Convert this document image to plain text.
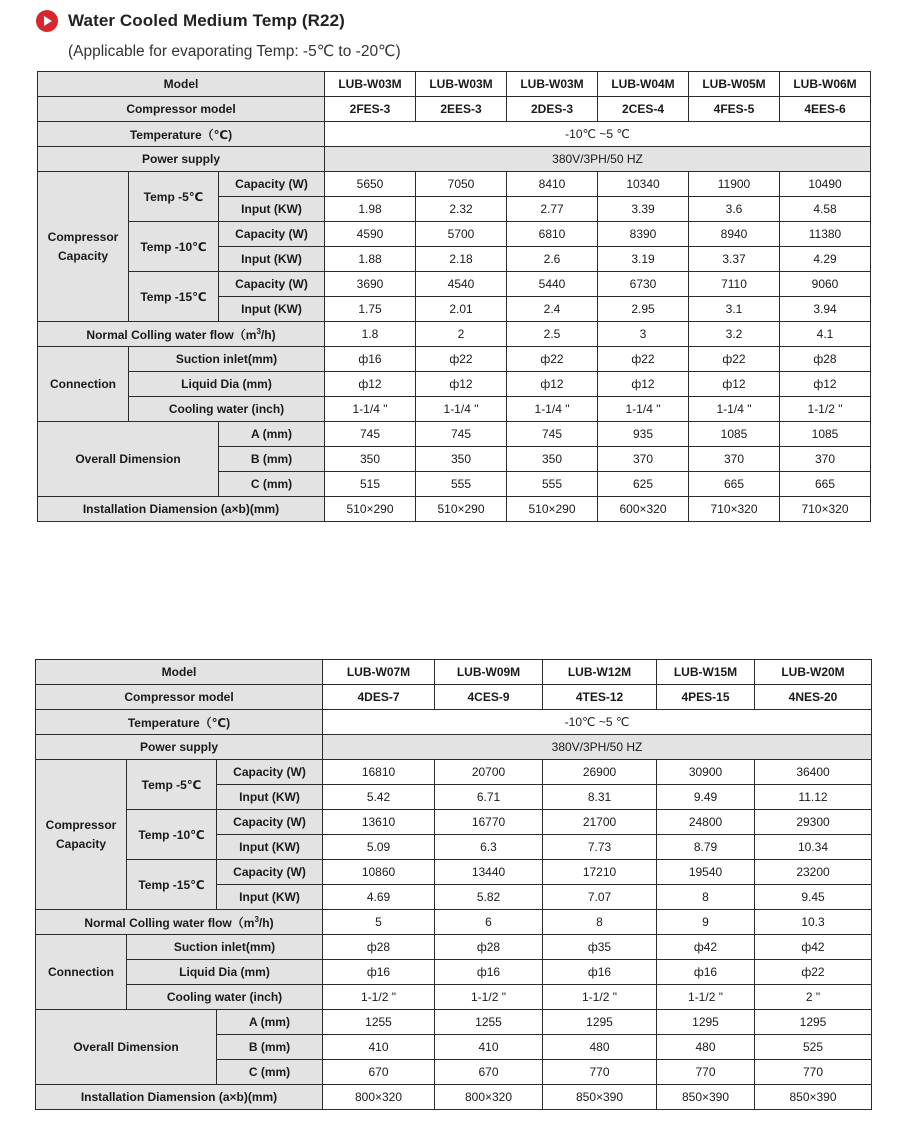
Water Cooled Medium Temp (R22)
(Applicable for evaporating Temp: -5℃ to -20℃)
Model			LUB-W03M	LUB-W03M	LUB-W03M	LUB-W04M	LUB-W05M	LUB-W06M
Compressor model			2FES-3	2EES-3	2DES-3	2CES-4	4FES-5	4EES-6
Temperature（℃)			-10℃ ~5 ℃					
Power supply			380V/3PH/50 HZ					
Compressor Capacity	Temp -5℃	Capacity (W)	5650	7050	8410	10340	11900	10490
		Input (KW)	1.98	2.32	2.77	3.39	3.6	4.58
	Temp -10℃	Capacity (W)	4590	5700	6810	8390	8940	11380
		Input (KW)	1.88	2.18	2.6	3.19	3.37	4.29
	Temp -15℃	Capacity (W)	3690	4540	5440	6730	7110	9060
		Input (KW)	1.75	2.01	2.4	2.95	3.1	3.94
Normal Colling water $flow(m^3/h)$			1.8	2	2.5	3	3.2	4.1
Connection	Suction inlet(mm)		ф16	ф22	ф22	ф22	ф22	ф28
	Liquid Dia (mm)		ф12	ф12	ф12	ф12	ф12	ф12
	Cooling water (inch)		1-1/4 "	1-1/4 "	1-1/4 "	1-1/4 "	1-1/4 "	1-1/2 "
Overall Dimension		A (mm)	745	745	745	935	1085	1085
		B (mm)	350	350	350	370	370	370
		C (mm)	515	555	555	625	665	665
Installation Diamension (a×b)(mm)			510×290	510×290	510×290	600×320	710×320	710×320
Model			LUB-W07M	LUB-W09M	LUB-W12M	LUB-W15M	LUB-W20M
Compressor model			4DES-7	4CES-9	4TES-12	4PES-15	4NES-20
Temperature（℃)			-10℃ ~5 ℃				
Power supply			380V/3PH/50 HZ				
Compressor Capacity	Temp -5℃	Capacity (W)	16810	20700	26900	30900	36400
		Input (KW)	5.42	6.71	8.31	9.49	11.12
	Temp -10℃	Capacity (W)	13610	16770	21700	24800	29300
		Input (KW)	5.09	6.3	7.73	8.79	10.34
	Temp -15℃	Capacity (W)	10860	13440	17210	19540	23200
		Input (KW)	4.69	5.82	7.07	8	9.45
Normal Colling water $flow(m^3/h)$			5	6	8	9	10.3
Connection	Suction inlet(mm)		ф28	ф28	ф35	ф42	ф42
	Liquid Dia (mm)		ф16	ф16	ф16	ф16	ф22
	Cooling water (inch)		1-1/2 "	1-1/2 "	1-1/2 "	1-1/2 "	2 "
Overall Dimension		A (mm)	1255	1255	1295	1295	1295
		B (mm)	410	410	480	480	525
		C (mm)	670	670	770	770	770
Installation Diamension (a×b)(mm)			800×320	800×320	850×390	850×390	850×390
